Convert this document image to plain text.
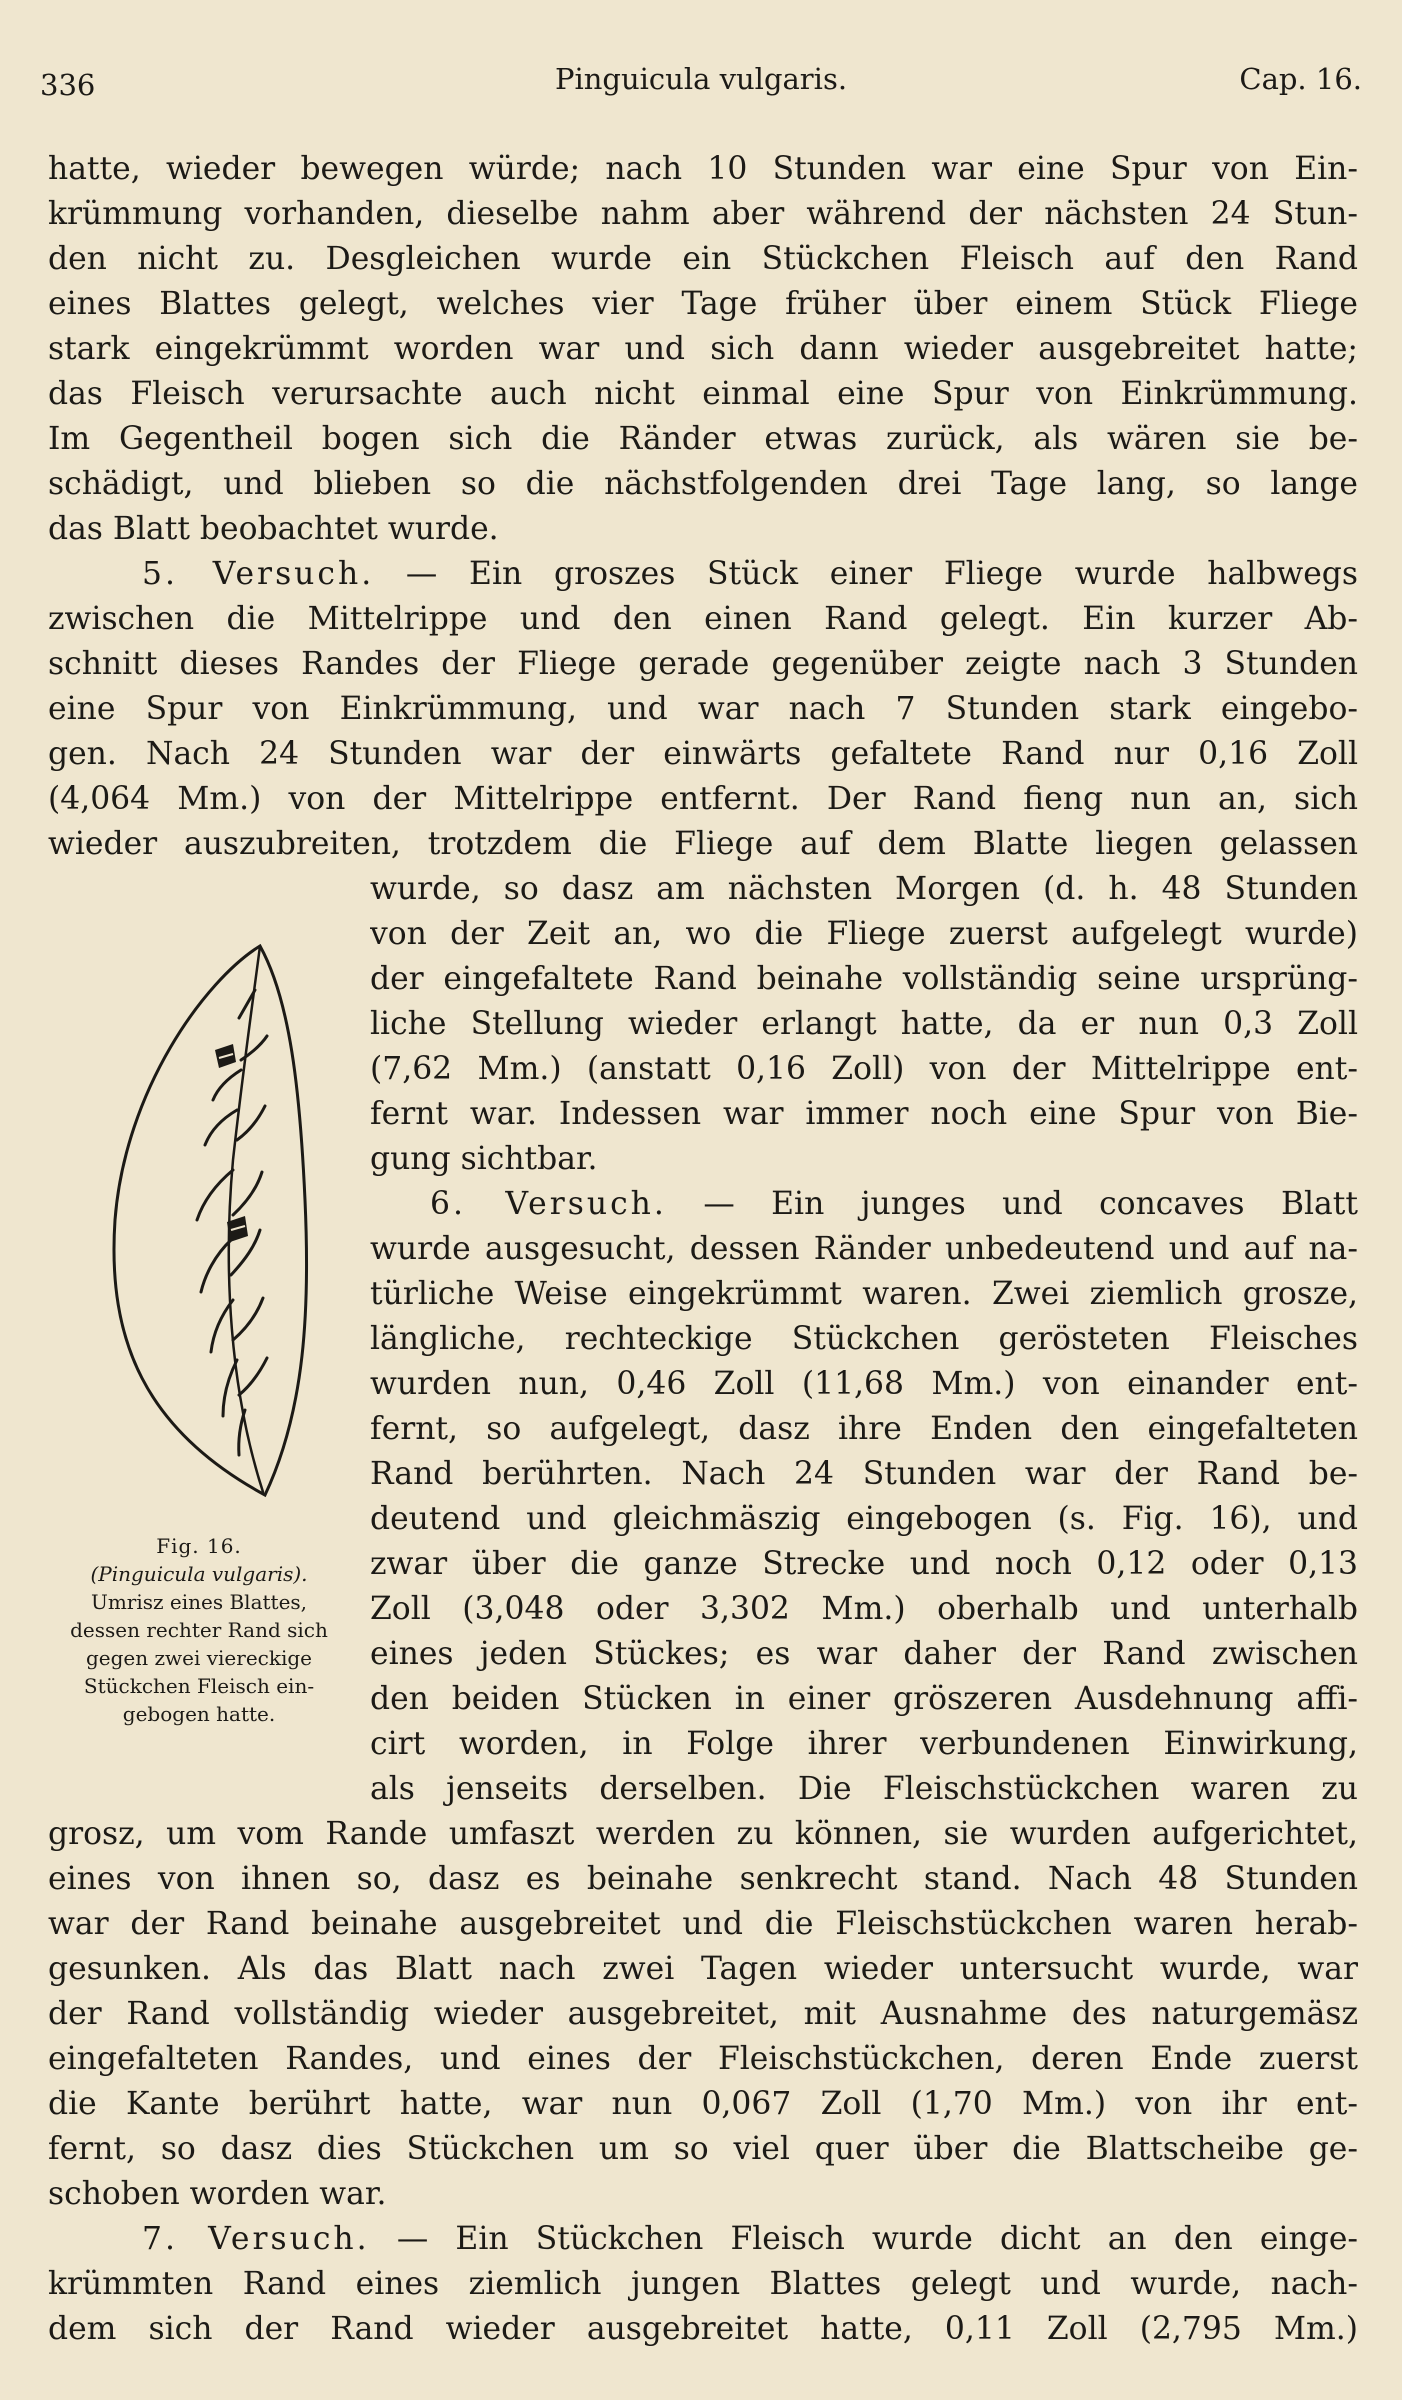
336	Pinguicula vulgaris.	Cap. 16.
hatte, wieder bewegen würde; nach 10 Stunden war eine Spur von Ein-
krümmung vorhanden, dieselbe nahm aber während der nächsten 24 Stun-
den nicht zu. Desgleichen wurde ein Stückchen Fleisch auf den Rand
eines Blattes gelegt, welches vier Tage früher über einem Stück Fliege
stark eingekrümmt worden war und sich dann wieder ausgebreitet hatte;
das Fleisch verursachte auch nicht einmal eine Spur von Einkrümmung.
Im Gegentheil bogen sich die Ränder etwas zurück, als wären sie be-
schädigt, und blieben so die nächstfolgenden drei Tage lang, so lange
das Blatt beobachtet wurde.
5. Versuch. — Ein groszes Stück einer Fliege wurde halbwegs
zwischen die Mittelrippe und den einen Rand gelegt. Ein kurzer Ab-
schnitt dieses Randes der Fliege gerade gegenüber zeigte nach 3 Stunden
eine Spur von Einkrümmung, und war nach 7 Stunden stark eingebo-
gen. Nach 24 Stunden war der einwärts gefaltete Rand nur 0,16 Zoll
(4,064 Mm.) von der Mittelrippe entfernt. Der Rand fieng nun an, sich
wieder auszubreiten, trotzdem die Fliege auf dem Blatte liegen gelassen
wurde, so dasz am nächsten Morgen (d. h. 48 Stunden
von der Zeit an, wo die Fliege zuerst aufgelegt wurde)
der eingefaltete Rand beinahe vollständig seine ursprüng-
liche Stellung wieder erlangt hatte, da er nun 0,3 Zoll
(7,62 Mm.) (anstatt 0,16 Zoll) von der Mittelrippe ent-
fernt war. Indessen war immer noch eine Spur von Bie-
gung sichtbar.
6. Versuch. — Ein junges und concaves Blatt
wurde ausgesucht, dessen Ränder unbedeutend und auf na-
türliche Weise eingekrümmt waren. Zwei ziemlich grosze,
längliche, rechteckige Stückchen gerösteten Fleisches
wurden nun, 0,46 Zoll (11,68 Mm.) von einander ent-
fernt, so aufgelegt, dasz ihre Enden den eingefalteten
Rand berührten. Nach 24 Stunden war der Rand be-
deutend und gleichmäszig eingebogen (s. Fig. 16), und
zwar über die ganze Strecke und noch 0,12 oder 0,13
Zoll (3,048 oder 3,302 Mm.) oberhalb und unterhalb
eines jeden Stückes; es war daher der Rand zwischen
den beiden Stücken in einer gröszeren Ausdehnung affi-
cirt worden, in Folge ihrer verbundenen Einwirkung,
als jenseits derselben. Die Fleischstückchen waren zu
grosz, um vom Rande umfaszt werden zu können, sie wurden aufgerichtet,
eines von ihnen so, dasz es beinahe senkrecht stand. Nach 48 Stunden
war der Rand beinahe ausgebreitet und die Fleischstückchen waren herab-
gesunken. Als das Blatt nach zwei Tagen wieder untersucht wurde, war
der Rand vollständig wieder ausgebreitet, mit Ausnahme des naturgemäsz
eingefalteten Randes, und eines der Fleischstückchen, deren Ende zuerst
die Kante berührt hatte, war nun 0,067 Zoll (1,70 Mm.) von ihr ent-
fernt, so dasz dies Stückchen um so viel quer über die Blattscheibe ge-
schoben worden war.
7. Versuch. — Ein Stückchen Fleisch wurde dicht an den einge-
krümmten Rand eines ziemlich jungen Blattes gelegt und wurde, nach-
dem sich der Rand wieder ausgebreitet hatte, 0,11 Zoll (2,795 Mm.)
Fig. 16.
(Pinguicula vulgaris).
Umrisz eines Blattes,
dessen rechter Rand sich
gegen zwei viereckige
Stückchen Fleisch ein-
gebogen hatte.
